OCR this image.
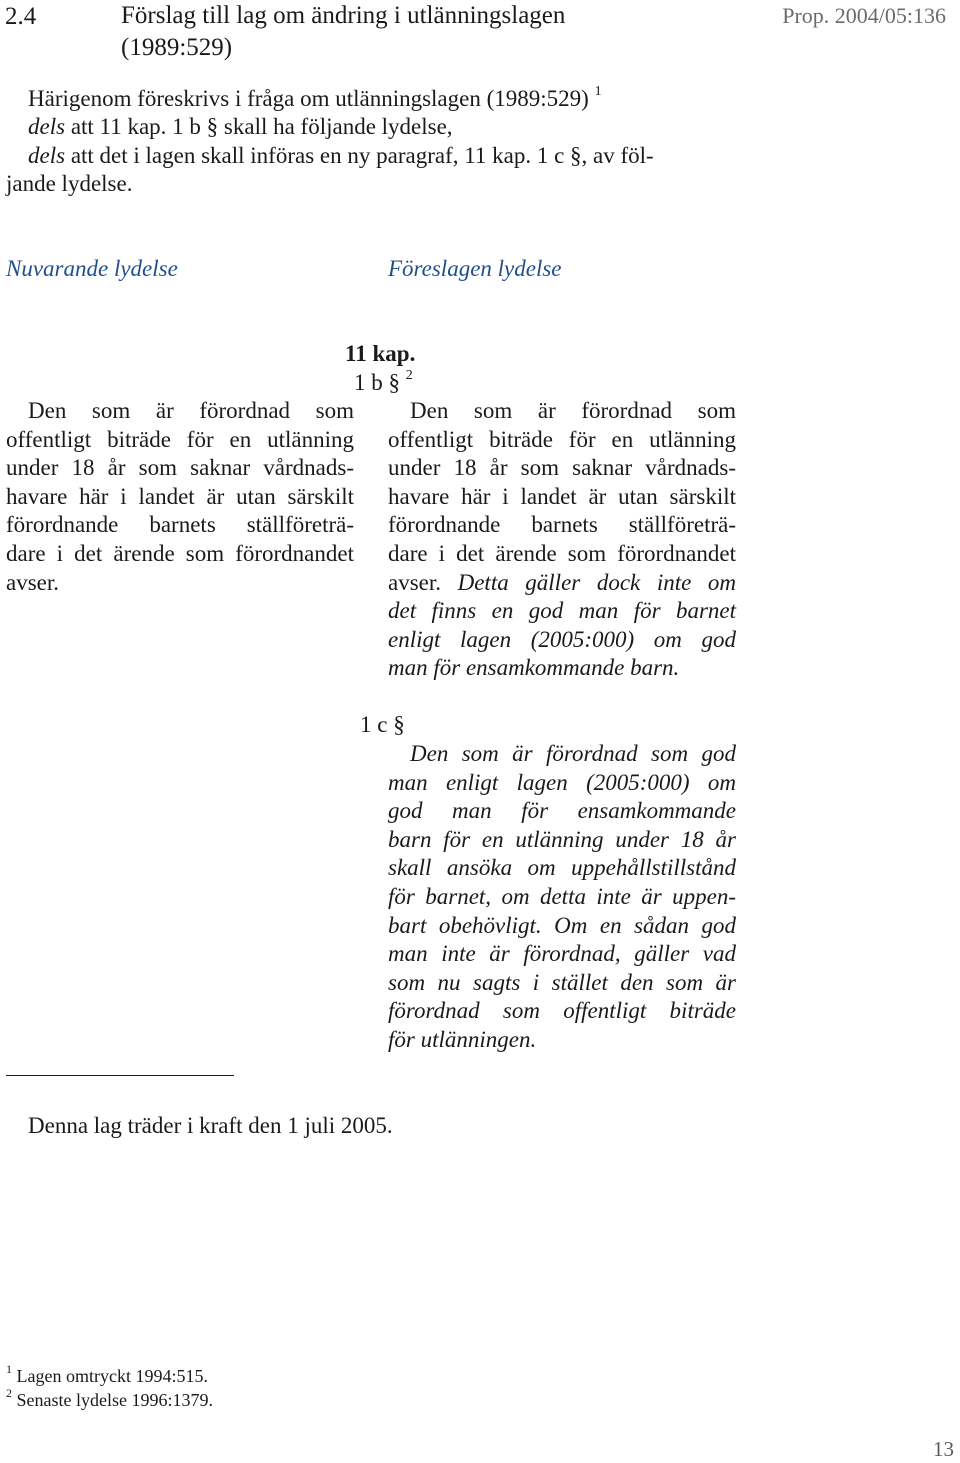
2.4	Förslag till lag om ändring i utlänningslagen (1989:529)
Prop. 2004/05:136
Härigenom föreskrivs i fråga om utlänningslagen (1989:529) $^1$
dels att 11 kap. 1 b § skall ha följande lydelse,
dels att det i lagen skall införas en ny paragraf, 11 kap. 1 c §, av föl-
jande lydelse.
Nuvarande lydelse	Föreslagen lydelse
11 kap.
1 b § $^2$
Den som är förordnad som
offentligt biträde för en utlänning
under 18 år som saknar vårdnads-
havare här i landet är utan särskilt
förordnande barnets ställföreträ-
dare i det ärende som förordnandet
avser.
Den som är förordnad som
offentligt biträde för en utlänning
under 18 år som saknar vårdnads-
havare här i landet är utan särskilt
förordnande barnets ställföreträ-
dare i det ärende som förordnandet
avser. Detta gäller dock inte om
det finns en god man för barnet
enligt lagen (2005:000) om god
man för ensamkommande barn.
1 c §
Den som är förordnad som god
man enligt lagen (2005:000) om
god man för ensamkommande
barn för en utlänning under 18 år
skall ansöka om uppehållstillstånd
för barnet, om detta inte är uppen-
bart obehövligt. Om en sådan god
man inte är förordnad, gäller vad
som nu sagts i stället den som är
förordnad som offentligt biträde
för utlänningen.
Denna lag träder i kraft den 1 juli 2005.
$^1$ Lagen omtryckt 1994:515.
$^2$ Senaste lydelse 1996:1379.
13
